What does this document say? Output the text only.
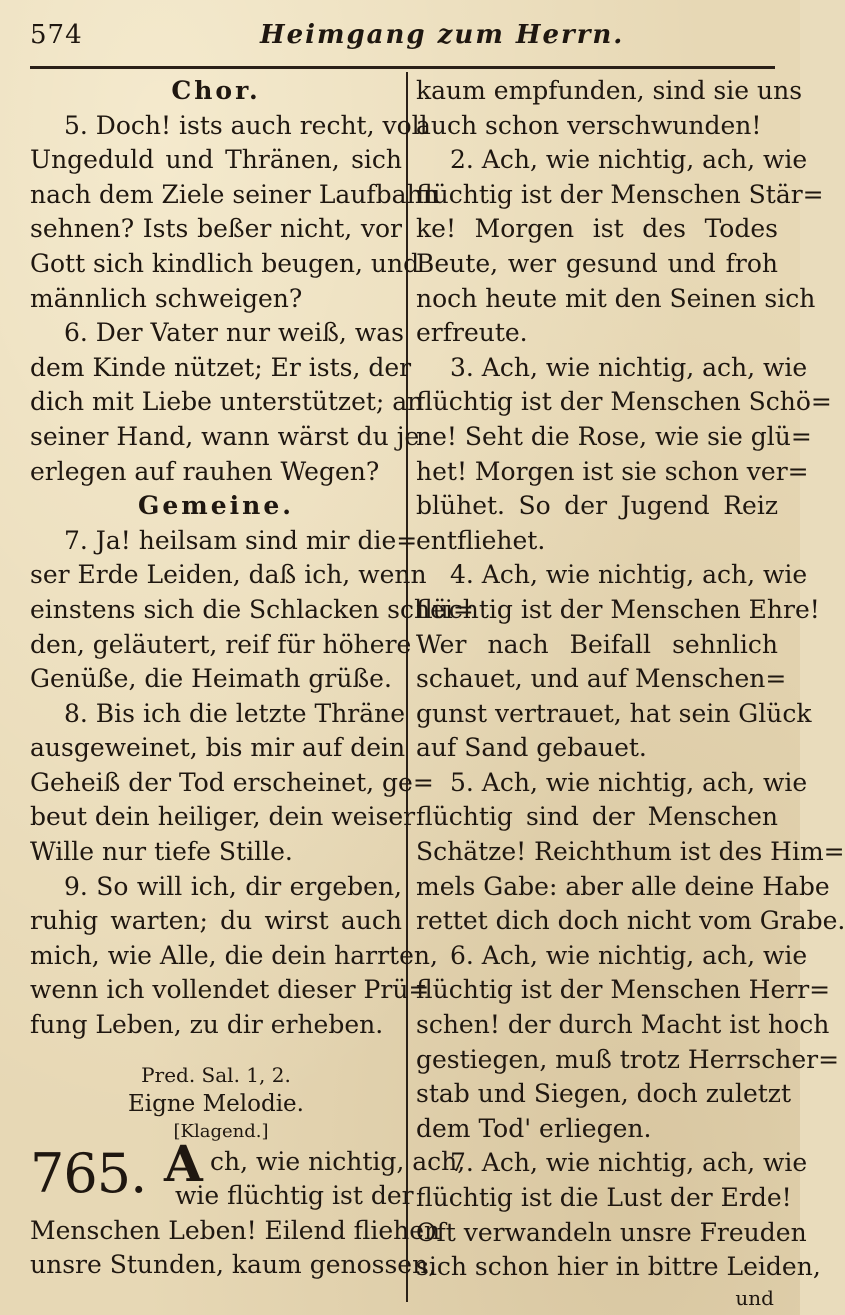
574	Heimgang zum Herrn.
Chor.
5. Doch! ists auch recht, voll
Ungeduld und Thränen, sich
nach dem Ziele seiner Laufbahn
sehnen? Ists beßer nicht, vor
Gott sich kindlich beugen, und
männlich schweigen?
6. Der Vater nur weiß, was
dem Kinde nützet; Er ists, der
dich mit Liebe unterstützet; an
seiner Hand, wann wärst du je
erlegen auf rauhen Wegen?
Gemeine.
7. Ja! heilsam sind mir die=
ser Erde Leiden, daß ich, wenn
einstens sich die Schlacken schei=
den, geläutert, reif für höhere
Genüße, die Heimath grüße.
8. Bis ich die letzte Thräne
ausgeweinet, bis mir auf dein
Geheiß der Tod erscheinet, ge=
beut dein heiliger, dein weiser
Wille nur tiefe Stille.
9. So will ich, dir ergeben,
ruhig warten; du wirst auch
mich, wie Alle, die dein harrten,
wenn ich vollendet dieser Prü=
fung Leben, zu dir erheben.
Pred. Sal. 1, 2.
Eigne Melodie.
[Klagend.]
765. A ch, wie nichtig, ach,
wie flüchtig ist der
Menschen Leben! Eilend fliehen
unsre Stunden, kaum genossen,
kaum empfunden, sind sie uns
auch schon verschwunden!
2. Ach, wie nichtig, ach, wie
flüchtig ist der Menschen Stär=
ke! Morgen ist des Todes
Beute, wer gesund und froh
noch heute mit den Seinen sich
erfreute.
3. Ach, wie nichtig, ach, wie
flüchtig ist der Menschen Schö=
ne! Seht die Rose, wie sie glü=
het! Morgen ist sie schon ver=
blühet. So der Jugend Reiz
entfliehet.
4. Ach, wie nichtig, ach, wie
flüchtig ist der Menschen Ehre!
Wer nach Beifall sehnlich
schauet, und auf Menschen=
gunst vertrauet, hat sein Glück
auf Sand gebauet.
5. Ach, wie nichtig, ach, wie
flüchtig sind der Menschen
Schätze! Reichthum ist des Him=
mels Gabe: aber alle deine Habe
rettet dich doch nicht vom Grabe.
6. Ach, wie nichtig, ach, wie
flüchtig ist der Menschen Herr=
schen! der durch Macht ist hoch
gestiegen, muß trotz Herrscher=
stab und Siegen, doch zuletzt
dem Tod' erliegen.
7. Ach, wie nichtig, ach, wie
flüchtig ist die Lust der Erde!
Oft verwandeln unsre Freuden
sich schon hier in bittre Leiden,
und
